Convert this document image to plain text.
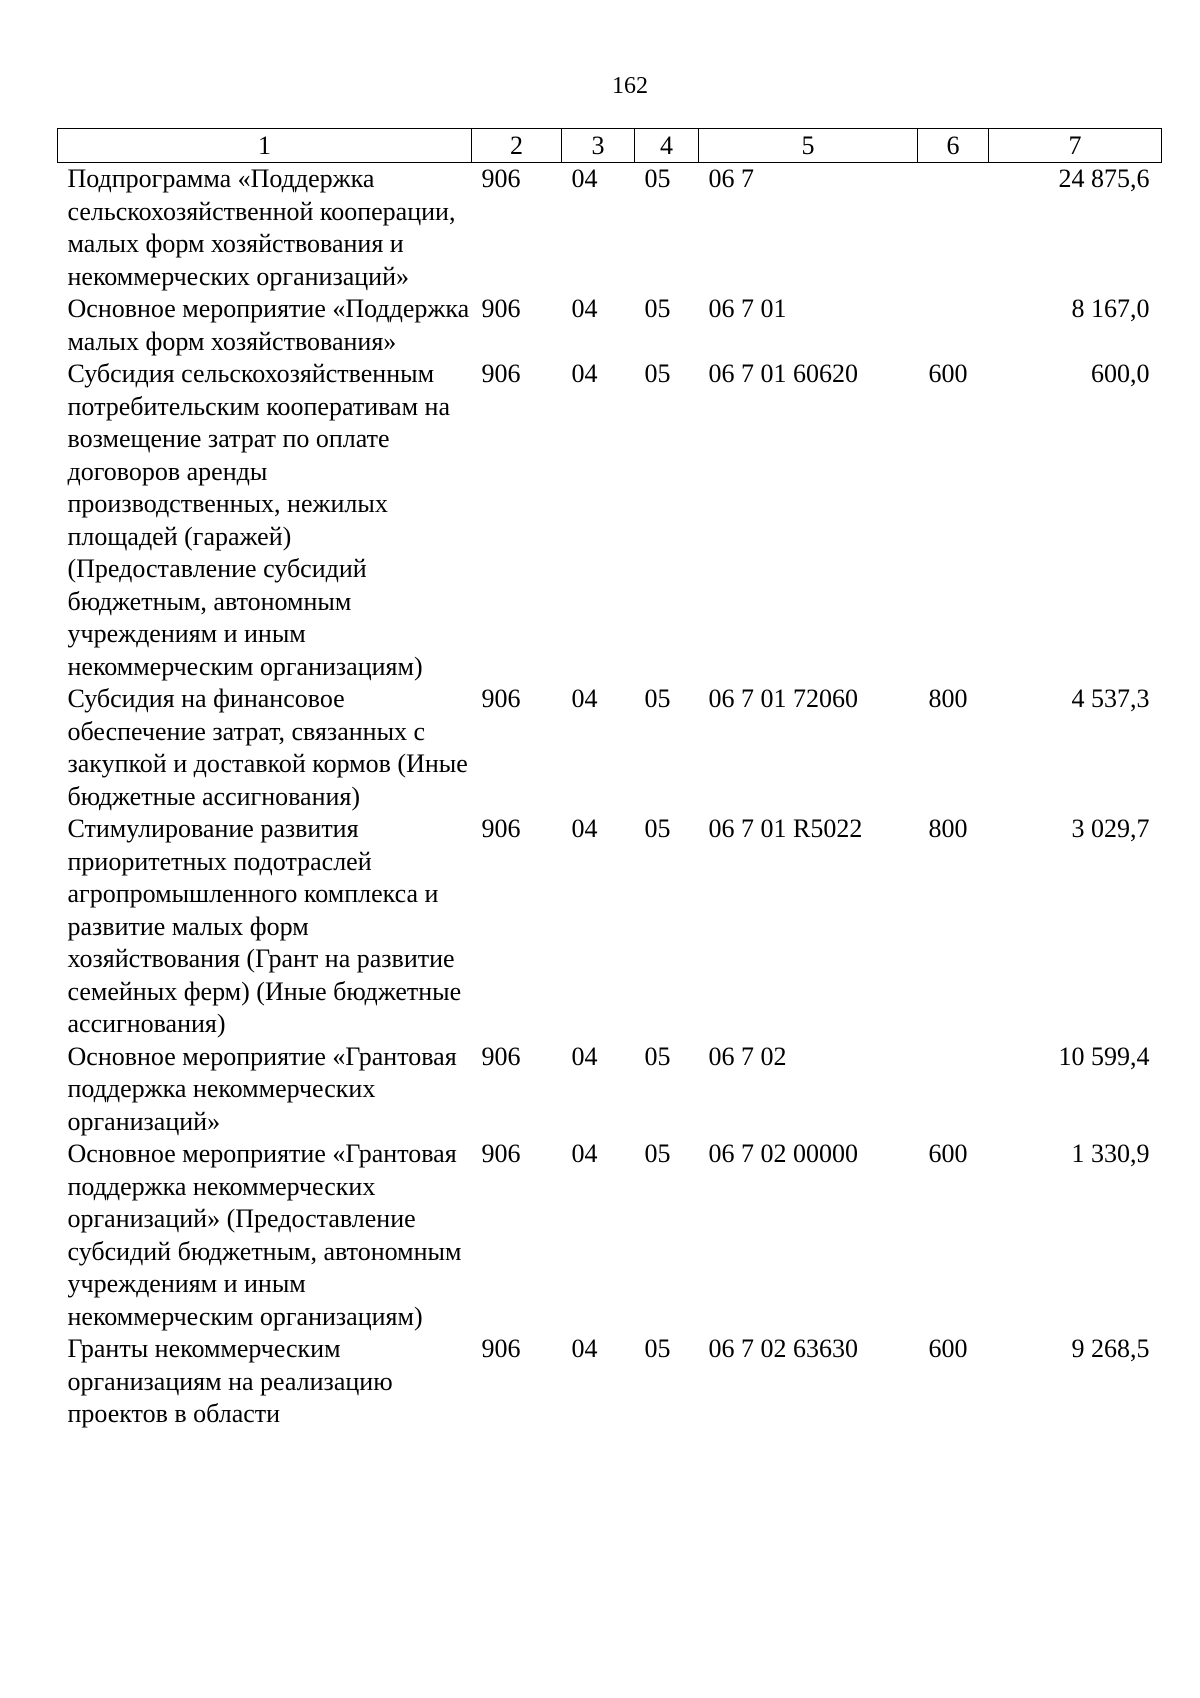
162
1	2	3	4	5	6	7
Подпрограмма «Поддержка сельскохозяйственной кооперации, малых форм хозяйствования и некоммерческих организаций»	906	04	05	06 7		24 875,6
Основное мероприятие «Поддержка малых форм хозяйствования»	906	04	05	06 7 01		8 167,0
Субсидия сельскохозяйственным потребительским кооперативам на возмещение затрат по оплате договоров аренды производственных, нежилых площадей (гаражей) (Предоставление субсидий бюджетным, автономным учреждениям и иным некоммерческим организациям)	906	04	05	06 7 01 60620	600	600,0
Субсидия на финансовое обеспечение затрат, связанных с закупкой и доставкой кормов (Иные бюджетные ассигнования)	906	04	05	06 7 01 72060	800	4 537,3
Стимулирование развития приоритетных подотраслей агропромышленного комплекса и развитие малых форм хозяйствования (Грант на развитие семейных ферм) (Иные бюджетные ассигнования)	906	04	05	06 7 01 R5022	800	3 029,7
Основное мероприятие «Грантовая поддержка некоммерческих организаций»	906	04	05	06 7 02		10 599,4
Основное мероприятие «Грантовая поддержка некоммерческих организаций» (Предоставление субсидий бюджетным, автономным учреждениям и иным некоммерческим организациям)	906	04	05	06 7 02 00000	600	1 330,9
Гранты некоммерческим организациям на реализацию проектов в области	906	04	05	06 7 02 63630	600	9 268,5
